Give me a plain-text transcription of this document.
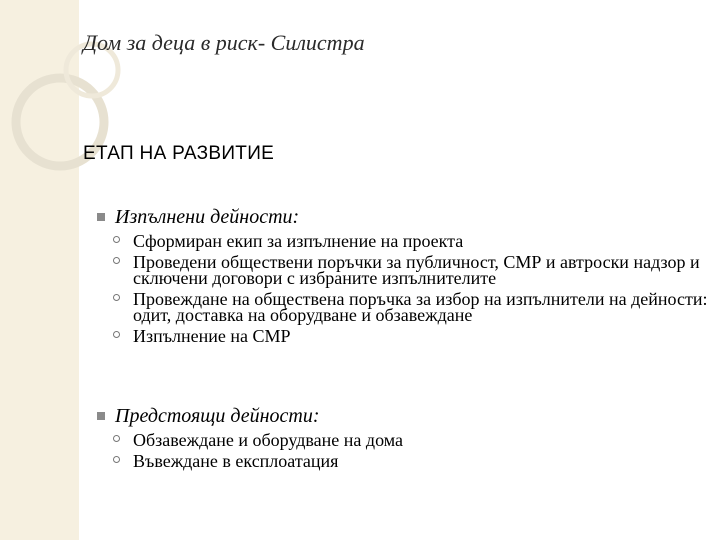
Дом за деца в риск- Силистра
ЕТАП НА РАЗВИТИЕ
Изпълнени дейности:
Сформиран екип за изпълнение на проекта
Проведени обществени поръчки за публичност, СМР и автроски надзор и сключени договори с избраните изпълнителите
Провеждане на обществена поръчка за избор на изпълнители на дейности: одит, доставка на оборудване и обзавеждане
Изпълнение на СМР
Предстоящи дейности:
Обзавеждане и оборудване на дома
Въвеждане в експлоатация
